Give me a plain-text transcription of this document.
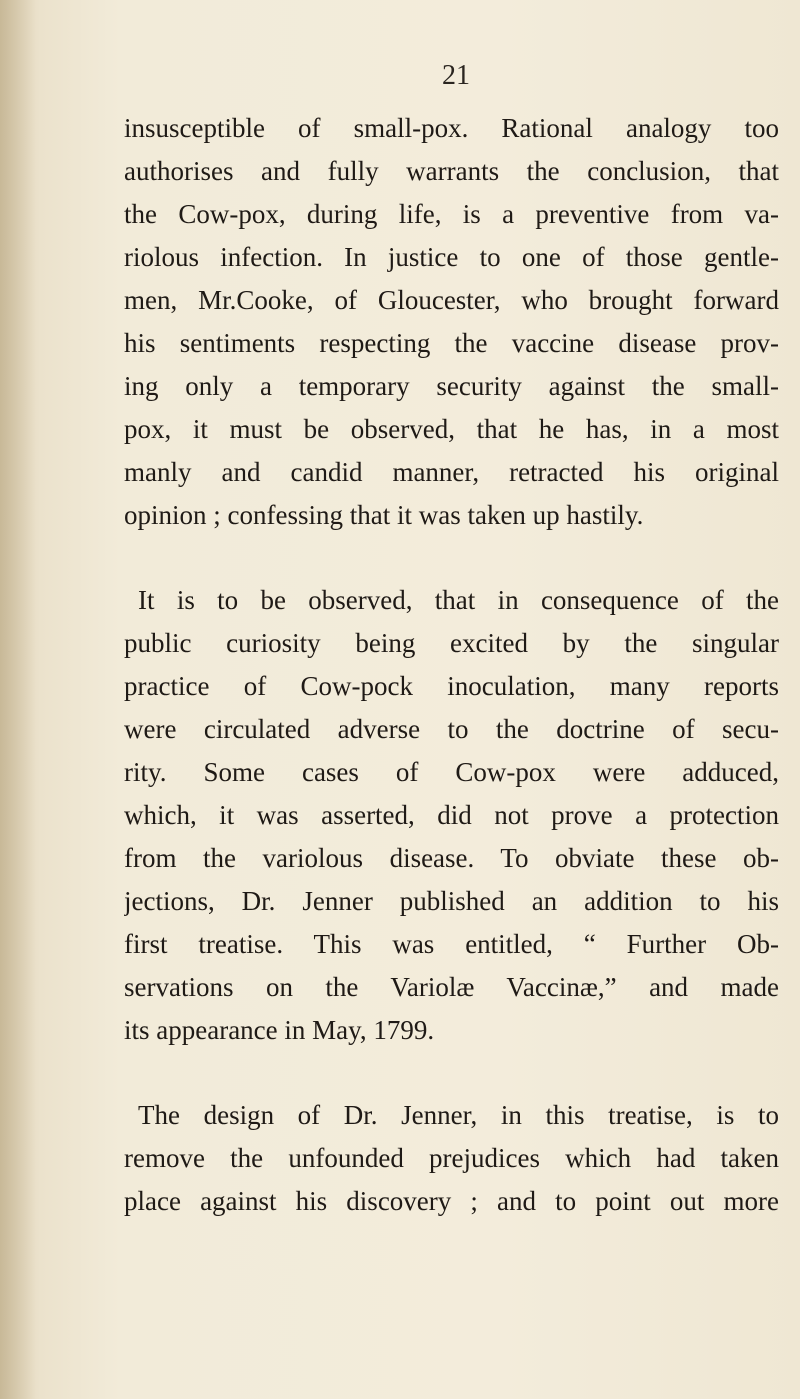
21

insusceptible of small-pox. Rational analogy too
authorises and fully warrants the conclusion, that
the Cow-pox, during life, is a preventive from va-
riolous infection. In justice to one of those gentle-
men, Mr.Cooke, of Gloucester, who brought forward
his sentiments respecting the vaccine disease prov-
ing only a temporary security against the small-
pox, it must be observed, that he has, in a most
manly and candid manner, retracted his original
opinion ; confessing that it was taken up hastily.

It is to be observed, that in consequence of the
public curiosity being excited by the singular
practice of Cow-pock inoculation, many reports
were circulated adverse to the doctrine of secu-
rity. Some cases of Cow-pox were adduced,
which, it was asserted, did not prove a protection
from the variolous disease. To obviate these ob-
jections, Dr. Jenner published an addition to his
first treatise. This was entitled, “ Further Ob-
servations on the Variolæ Vaccinæ,” and made
its appearance in May, 1799.

The design of Dr. Jenner, in this treatise, is to
remove the unfounded prejudices which had taken
place against his discovery ; and to point out more
